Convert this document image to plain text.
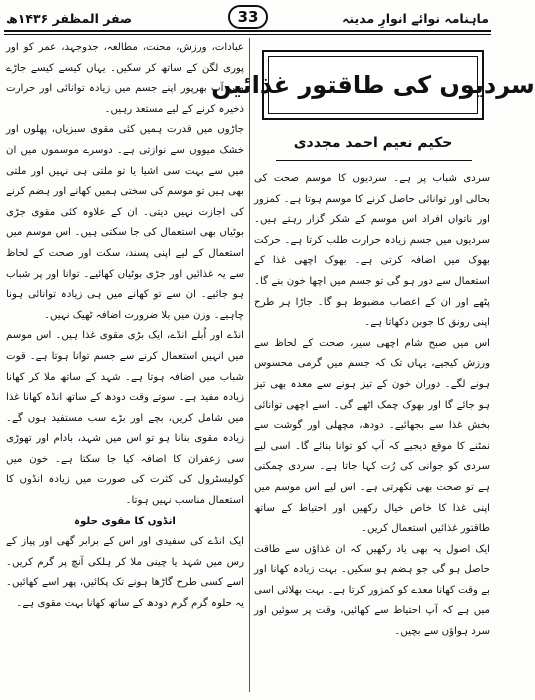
ماہنامہ نوائے انوارِ مدینہ
33
صفر المظفر ۱۴۳۶ھ

سردی شباب پر ہے۔ سردیوں کا موسم صحت کی بحالی اور توانائی حاصل کرنے کا موسم ہوتا ہے۔ کمزور اور ناتواں افراد اس موسم کے شکر گزار رہتے ہیں۔ سردیوں میں جسم زیادہ حرارت طلب کرتا ہے۔ حرکت بھوک میں اضافہ کرتی ہے۔ بھوک اچھی غذا کے استعمال سے دور ہو گی تو جسم میں اچھا خون بنے گا۔ پٹھے اور ان کے اعصاب مضبوط ہو گا۔ جاڑا ہر طرح اپنی رونق کا جوبن دکھاتا ہے۔

اس میں صبح شام اچھی سیر، صحت کے لحاظ سے ورزش کیجیے، یہاں تک کہ جسم میں گرمی محسوس ہونے لگے۔ دوران خون کے تیز ہونے سے معدہ بھی تیز ہو جائے گا اور بھوک چمک اٹھے گی۔ اسے اچھی توانائی بخش غذا سے بجھائیے۔ دودھ، مچھلی اور گوشت سے نمٹنے کا موقع دیجیے کہ آپ کو توانا بنائے گا۔ اسی لیے سردی کو جوانی کی رُت کہا جاتا ہے۔ سردی چمکتی ہے تو صحت بھی نکھرتی ہے۔ اس لیے اس موسم میں اپنی غذا کا خاص خیال رکھیں اور احتیاط کے ساتھ طاقتور غذائیں استعمال کریں۔

ایک اصول یہ بھی یاد رکھیں کہ ان غذاؤں سے طاقت حاصل ہو گی جو ہضم ہو سکیں۔ بہت زیادہ کھانا اور بے وقت کھانا معدے کو کمزور کرتا ہے۔ بہت بھلائی اسی میں ہے کہ آپ احتیاط سے کھائیں، وقت پر سوئیں اور سرد ہواؤں سے بچیں۔

سردیوں کی طاقتور غذائیں
حکیم نعیم احمد مجددی

عبادات، ورزش، محنت، مطالعہ، جدوجہد، عمر کو اور پوری لگن کے ساتھ کر سکیں۔ یہاں کیسے کیسے جاڑے میں آپ بھرپور اپنے جسم میں زیادہ توانائی اور حرارت ذخیرہ کرنے کے لیے مستعد رہیں۔

جاڑوں میں قدرت ہمیں کئی مقوی سبزیاں، پھلوں اور خشک میووں سے نوازتی ہے۔ دوسرے موسموں میں ان میں سے بہت سی اشیا یا تو ملتی ہی نہیں اور ملتی بھی ہیں تو موسم کی سختی ہمیں کھانے اور ہضم کرنے کی اجازت نہیں دیتی۔ ان کے علاوہ کئی مقوی جڑی بوٹیاں بھی استعمال کی جا سکتی ہیں۔ اس موسم میں استعمال کے لیے اپنی پسند، سکت اور صحت کے لحاظ سے یہ غذائیں اور جڑی بوٹیاں کھائیے۔ توانا اور پر شباب ہو جائیے۔ ان سے تو کھانے میں ہی زیادہ توانائی ہونا چاہیے۔ وزن میں بلا ضرورت اضافہ ٹھیک نہیں۔

انڈے اور اُبلے انڈے، ایک بڑی مقوی غذا ہیں۔ اس موسم میں انہیں استعمال کرنے سے جسم توانا ہوتا ہے۔ قوت شباب میں اضافہ ہوتا ہے۔ شہد کے ساتھ ملا کر کھانا زیادہ مفید ہے۔ سوتے وقت دودھ کے ساتھ انڈہ کھانا غذا میں شامل کریں، بچے اور بڑے سب مستفید ہوں گے۔ زیادہ مقوی بنانا ہو تو اس میں شہد، بادام اور تھوڑی سی زعفران کا اضافہ کیا جا سکتا ہے۔ خون میں کولیسٹرول کی کثرت کی صورت میں زیادہ انڈوں کا استعمال مناسب نہیں ہوتا۔

انڈوں کا مقوی حلوہ

ایک انڈے کی سفیدی اور اس کے برابر گھی اور پیاز کے رس میں شہد یا چینی ملا کر ہلکی آنچ پر گرم کریں۔ اسے کسی طرح گاڑھا ہونے تک پکائیں، پھر اسے کھائیں۔ یہ حلوہ گرم گرم دودھ کے ساتھ کھانا بہت مقوی ہے۔
